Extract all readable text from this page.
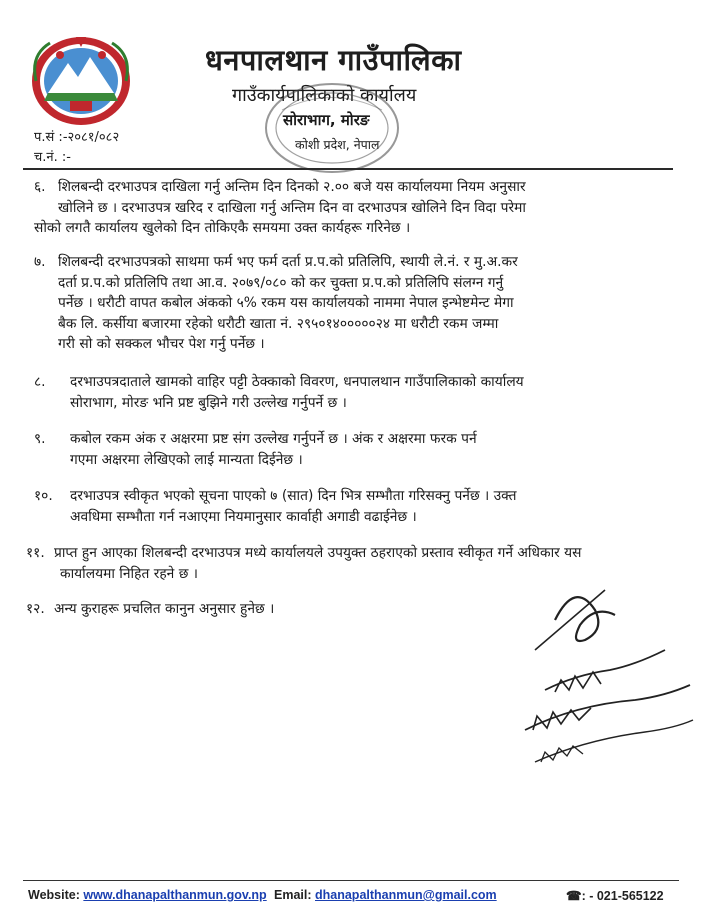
धनपालथान गाउँपालिका
गाउँकार्यपालिकाको कार्यालय
सोराभाग, मोरङ
कोशी प्रदेश, नेपाल
प.सं :-२०८१/०८२
च.नं. :-
६. शिलबन्दी दरभाउपत्र दाखिला गर्नु अन्तिम दिन दिनको २.०० बजे यस कार्यालयमा नियम अनुसार
खोलिने छ । दरभाउपत्र खरिद र दाखिला गर्नु अन्तिम दिन वा दरभाउपत्र खोलिने दिन विदा परेमा
सोको लगतै कार्यालय खुलेको दिन तोकिएकै समयमा उक्त कार्यहरू गरिनेछ ।
७. शिलबन्दी दरभाउपत्रको साथमा फर्म भए फर्म दर्ता प्र.प.को प्रतिलिपि, स्थायी ले.नं. र मु.अ.कर
दर्ता प्र.प.को प्रतिलिपि तथा आ.व. २०७९/०८० को कर चुक्ता प्र.प.को प्रतिलिपि संलग्न गर्नु
पर्नेछ । धरौटी वापत कबोल अंकको ५% रकम यस कार्यालयको नाममा नेपाल इन्भेष्टमेन्ट मेगा
बैक लि. कर्सीया बजारमा रहेको धरौटी खाता नं. २९५०१४०००००२४ मा धरौटी रकम जम्मा
गरी सो को सक्कल भौचर पेश गर्नु पर्नेछ ।
८. दरभाउपत्रदाताले खामको वाहिर पट्टी ठेक्काको विवरण, धनपालथान गाउँपालिकाको कार्यालय
सोराभाग, मोरङ भनि प्रष्ट बुझिने गरी उल्लेख गर्नुपर्ने छ ।
९. कबोल रकम अंक र अक्षरमा प्रष्ट संग उल्लेख गर्नुपर्ने छ । अंक र अक्षरमा फरक पर्न
गएमा अक्षरमा लेखिएको लाई मान्यता दिईनेछ ।
१०. दरभाउपत्र स्वीकृत भएको सूचना पाएको ७ (सात) दिन भित्र सम्भौता गरिसक्नु पर्नेछ । उक्त
अवधिमा सम्भौता गर्न नआएमा नियमानुसार कार्वाही अगाडी वढाईनेछ ।
११. प्राप्त हुन आएका शिलबन्दी दरभाउपत्र मध्ये कार्यालयले उपयुक्त ठहराएको प्रस्ताव स्वीकृत गर्ने अधिकार यस
कार्यालयमा निहित रहने छ ।
१२. अन्य कुराहरू प्रचलित कानुन अनुसार हुनेछ ।
Website: www.dhanapalthanmun.gov.np Email: dhanapalthanmun@gmail.com	☎: - 021-565122
